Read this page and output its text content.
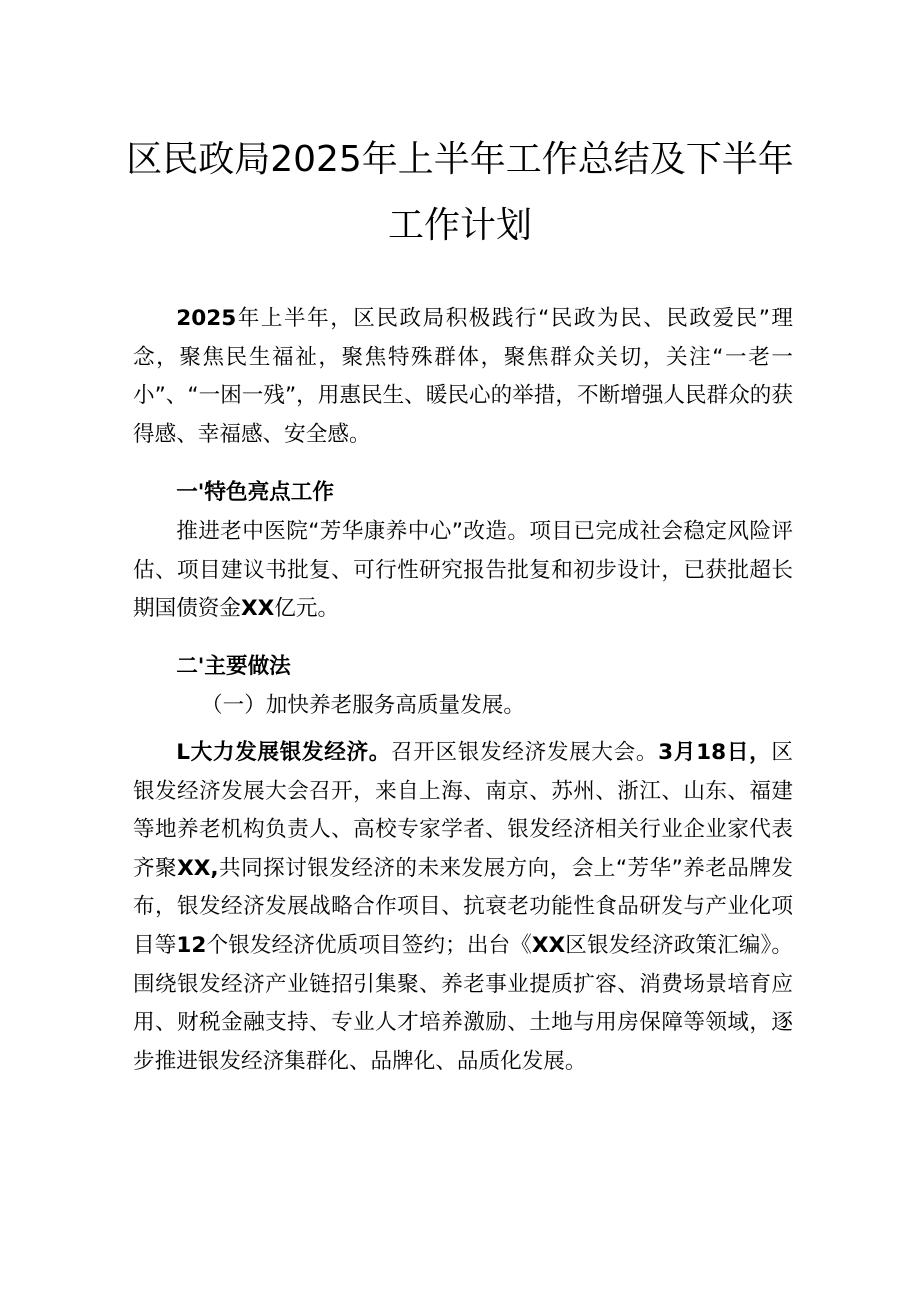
区民政局2025年上半年工作总结及下半年
工作计划

2025年上半年，区民政局积极践行“民政为民、民政爱民”理念，聚焦民生福祉，聚焦特殊群体，聚焦群众关切，关注“一老一小”、“一困一残”，用惠民生、暖民心的举措，不断增强人民群众的获得感、幸福感、安全感。

一'特色亮点工作

推进老中医院“芳华康养中心”改造。项目已完成社会稳定风险评估、项目建议书批复、可行性研究报告批复和初步设计，已获批超长期国债资金XX亿元。

二'主要做法

（一）加快养老服务高质量发展。

L大力发展银发经济。召开区银发经济发展大会。3月18日，区银发经济发展大会召开，来自上海、南京、苏州、浙江、山东、福建等地养老机构负责人、高校专家学者、银发经济相关行业企业家代表齐聚XX,共同探讨银发经济的未来发展方向，会上“芳华”养老品牌发布，银发经济发展战略合作项目、抗衰老功能性食品研发与产业化项目等12个银发经济优质项目签约；出台《XX区银发经济政策汇编》。围绕银发经济产业链招引集聚、养老事业提质扩容、消费场景培育应用、财税金融支持、专业人才培养激励、土地与用房保障等领域，逐步推进银发经济集群化、品牌化、品质化发展。
